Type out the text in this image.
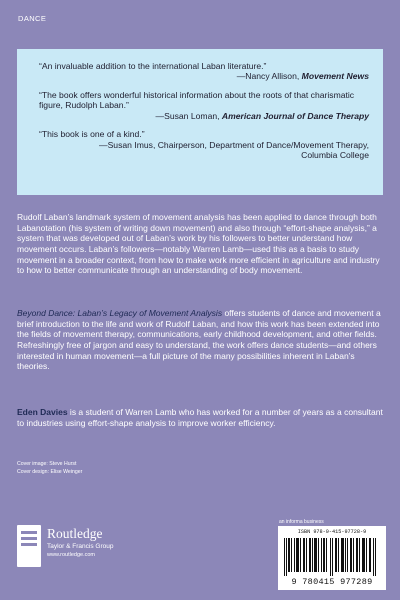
DANCE
“An invaluable addition to the international Laban literature.”
—Nancy Allison, Movement News
“The book offers wonderful historical information about the roots of that charismatic figure, Rudolph Laban.”
—Susan Loman, American Journal of Dance Therapy
“This book is one of a kind.”
—Susan Imus, Chairperson, Department of Dance/Movement Therapy,
Columbia College

Rudolf Laban’s landmark system of movement analysis has been applied to dance through both Labanotation (his system of writing down movement) and also through “effort-shape analysis,” a system that was developed out of Laban’s work by his followers to better understand how movement occurs. Laban’s followers—notably Warren Lamb—used this as a basis to study movement in a broader context, from how to make work more efficient in agriculture and industry to how to better communicate through an understanding of body movement.

Beyond Dance: Laban’s Legacy of Movement Analysis offers students of dance and movement a brief introduction to the life and work of Rudolf Laban, and how this work has been extended into the fields of movement therapy, communications, early childhood development, and other fields. Refreshingly free of jargon and easy to understand, the work offers dance students—and others interested in human movement—a full picture of the many possibilities inherent in Laban’s theories.

Eden Davies is a student of Warren Lamb who has worked for a number of years as a consultant to industries using effort-shape analysis to improve worker efficiency.

Cover image: Steve Hurst
Cover design: Elise Weinger
Routledge
Taylor & Francis Group
www.routledge.com
an informa business
ISBN 978-0-415-97728-9
9 780415 977289
